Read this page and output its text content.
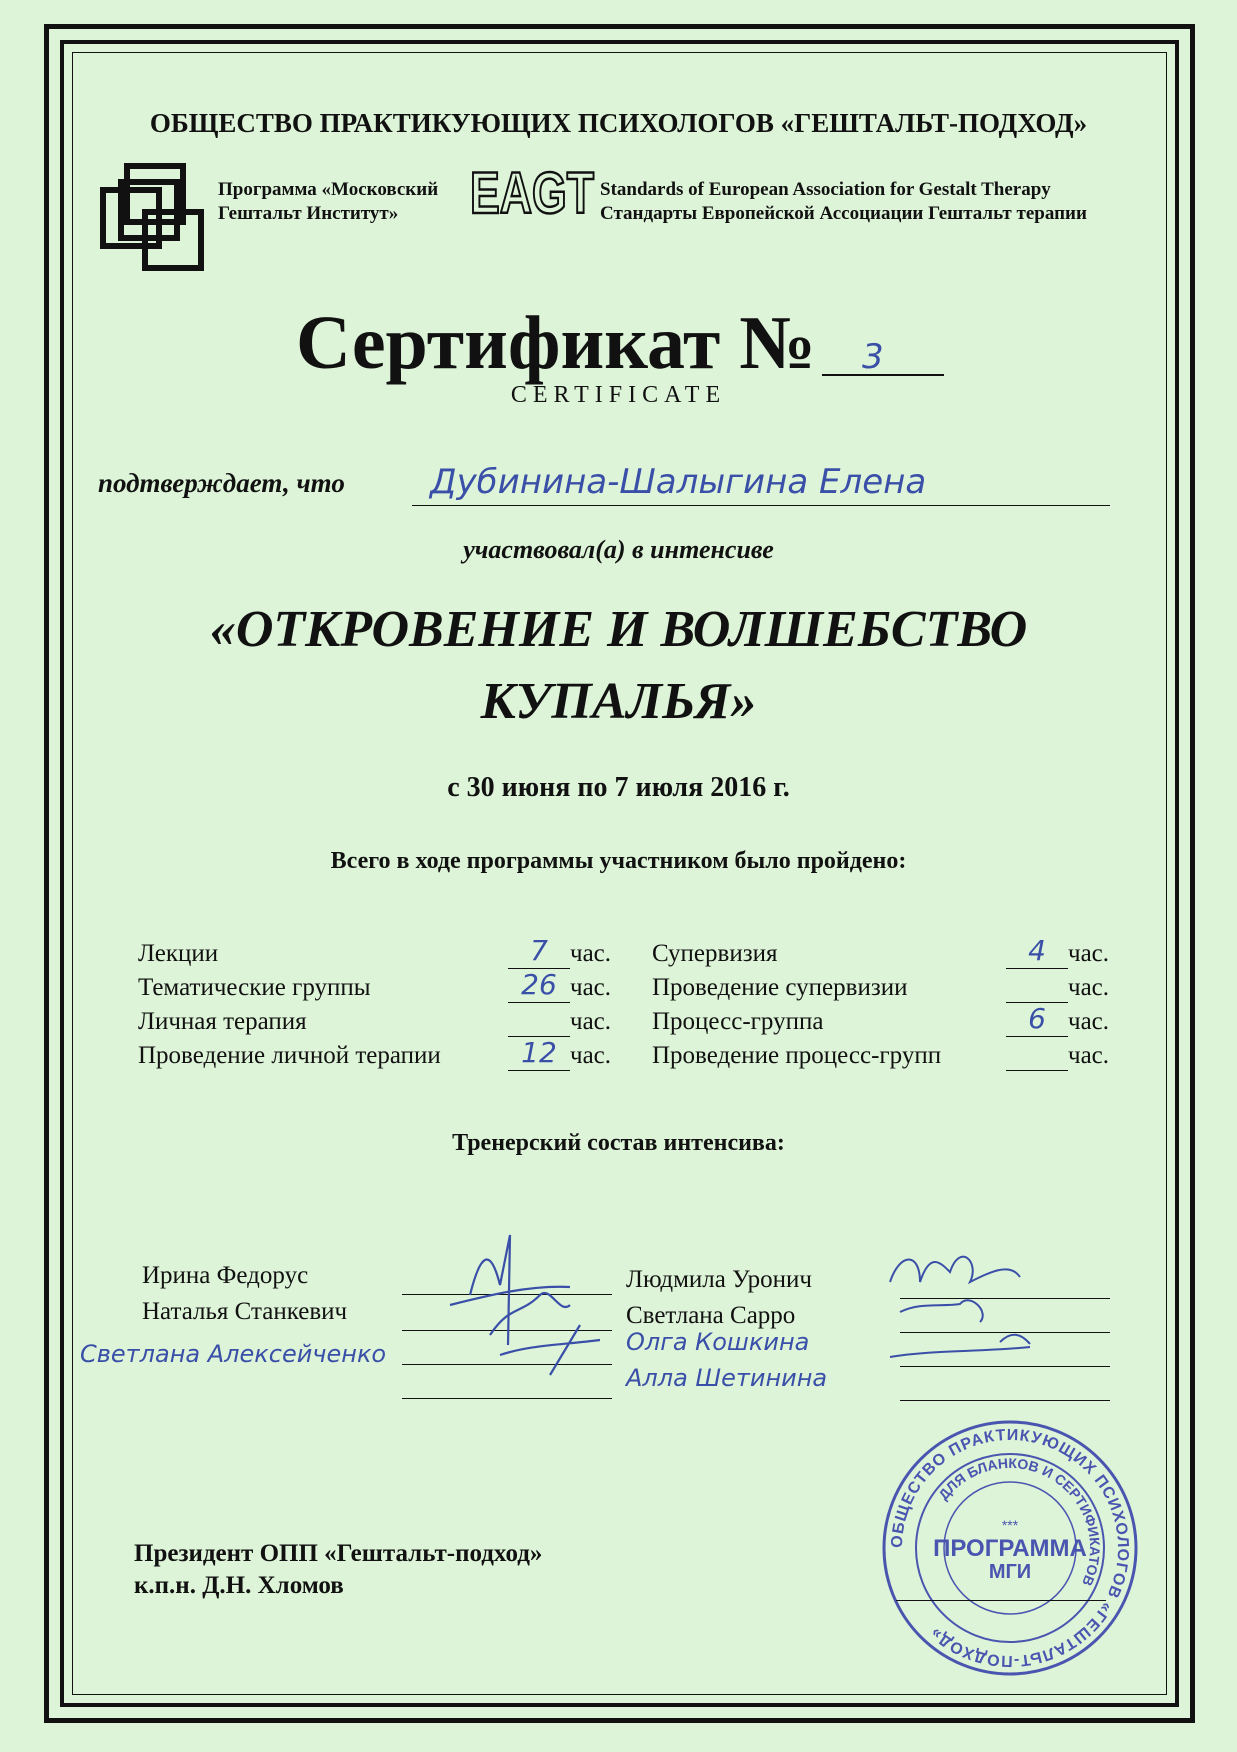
ОБЩЕСТВО ПРАКТИКУЮЩИХ ПСИХОЛОГОВ «ГЕШТАЛЬТ-ПОДХОД»
Программа «Московский
Гештальт Институт»	EAGT Standards of European Association for Gestalt Therapy
Стандарты Европейской Ассоциации Гештальт терапии
Сертификат № 3
CERTIFICATE
подтверждает, что	Дубинина-Шалыгина Елена
участвовал(а) в интенсиве
«ОТКРОВЕНИЕ И ВОЛШЕБСТВО
КУПАЛЬЯ»
с 30 июня по 7 июля 2016 г.
Всего в ходе программы участником было пройдено:
Лекции	7 час.
Тематические группы	26 час.
Личная терапия	час.
Проведение личной терапии	12 час.
Супервизия	4 час.
Проведение супервизии	час.
Процесс-группа	6 час.
Проведение процесс-групп	час.
Тренерский состав интенсива:
Ирина Федорус
Наталья Станкевич
Светлана Алексейченко
Людмила Уронич
Светлана Сарро
Олга Кошкина
Алла Шетинина
ОБЩЕСТВО ПРАКТИКУЮЩИХ ПСИХОЛОГОВ «ГЕШТАЛЬТ-ПОДХОД»
ДЛЯ БЛАНКОВ И СЕРТИФИКАТОВ
***
ПРОГРАММА
МГИ
Президент ОПП «Гештальт-подход»
к.п.н. Д.Н. Хломов
